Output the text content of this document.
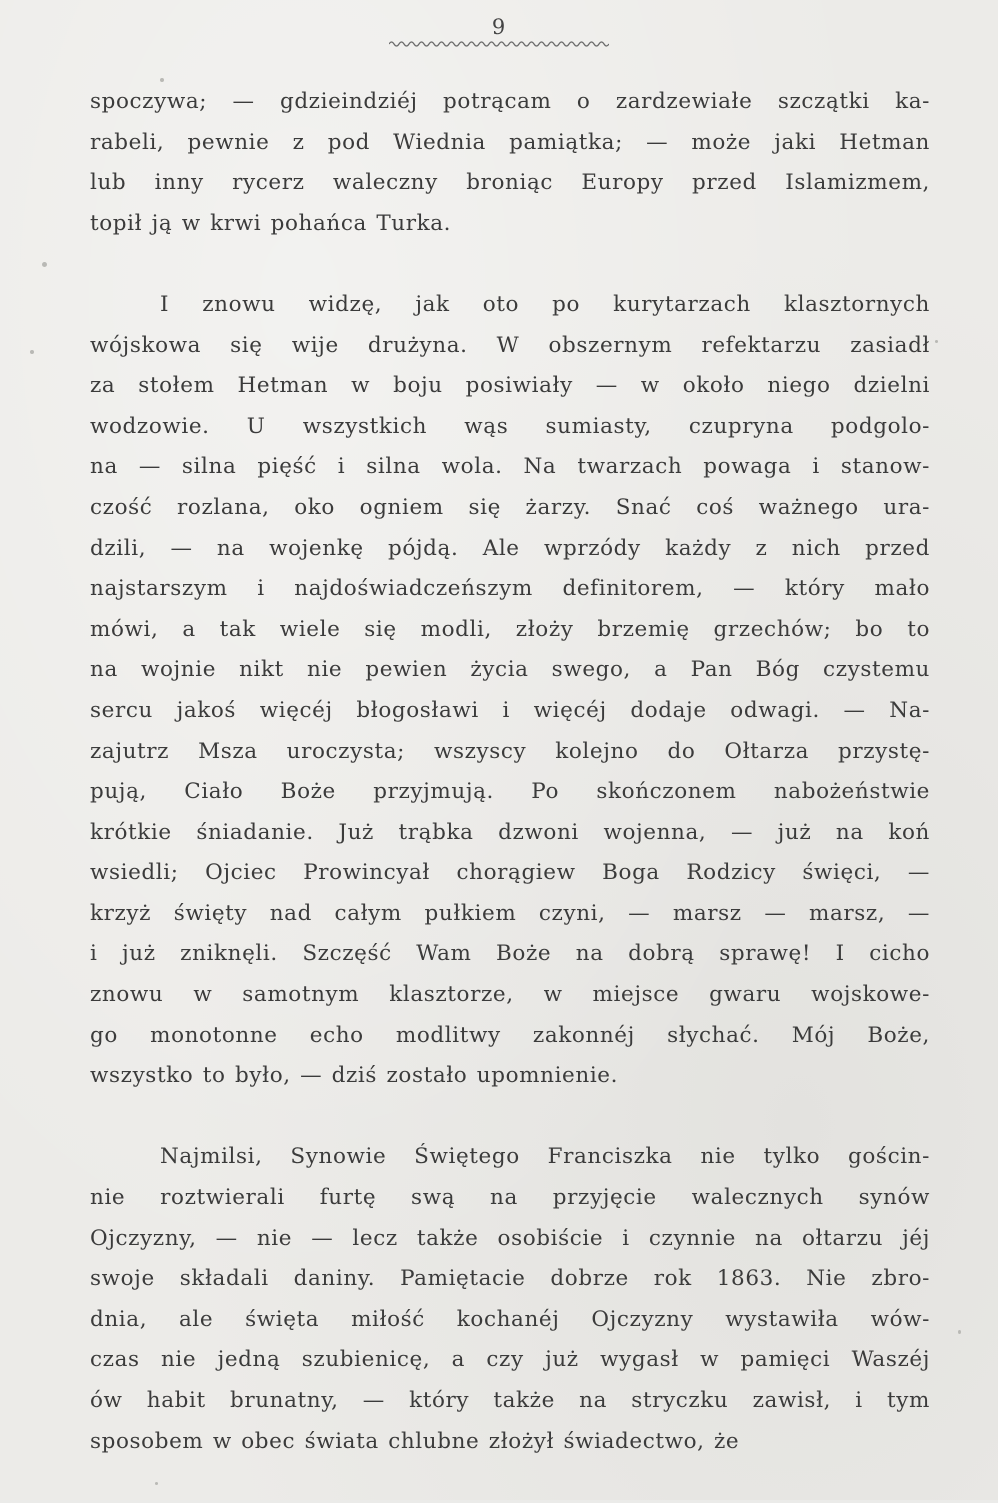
9
spoczywa; — gdzieindziéj potrącam o zardzewiałe szczątki ka-
rabeli, pewnie z pod Wiednia pamiątka; — może jaki Hetman
lub inny rycerz waleczny broniąc Europy przed Islamizmem,
topił ją w krwi pohańca Turka.
I znowu widzę, jak oto po kurytarzach klasztornych
wójskowa się wije drużyna. W obszernym refektarzu zasiadł
za stołem Hetman w boju posiwiały — w około niego dzielni
wodzowie. U wszystkich wąs sumiasty, czupryna podgolo-
na — silna pięść i silna wola. Na twarzach powaga i stanow-
czość rozlana, oko ogniem się żarzy. Snać coś ważnego ura-
dzili, — na wojenkę pójdą. Ale wprzódy każdy z nich przed
najstarszym i najdoświadczeńszym definitorem, — który mało
mówi, a tak wiele się modli, złoży brzemię grzechów; bo to
na wojnie nikt nie pewien życia swego, a Pan Bóg czystemu
sercu jakoś więcéj błogosławi i więcéj dodaje odwagi. — Na-
zajutrz Msza uroczysta; wszyscy kolejno do Ołtarza przystę-
pują, Ciało Boże przyjmują. Po skończonem nabożeństwie
krótkie śniadanie. Już trąbka dzwoni wojenna, — już na koń
wsiedli; Ojciec Prowincyał chorągiew Boga Rodzicy święci, —
krzyż święty nad całym pułkiem czyni, — marsz — marsz, —
i już zniknęli. Szczęść Wam Boże na dobrą sprawę! I cicho
znowu w samotnym klasztorze, w miejsce gwaru wojskowe-
go monotonne echo modlitwy zakonnéj słychać. Mój Boże,
wszystko to było, — dziś zostało upomnienie.
Najmilsi, Synowie Świętego Franciszka nie tylko gościn-
nie roztwierali furtę swą na przyjęcie walecznych synów
Ojczyzny, — nie — lecz także osobiście i czynnie na ołtarzu jéj
swoje składali daniny. Pamiętacie dobrze rok 1863. Nie zbro-
dnia, ale święta miłość kochanéj Ojczyzny wystawiła wów-
czas nie jedną szubienicę, a czy już wygasł w pamięci Waszéj
ów habit brunatny, — który także na stryczku zawisł, i tym
sposobem w obec świata chlubne złożył świadectwo, że
